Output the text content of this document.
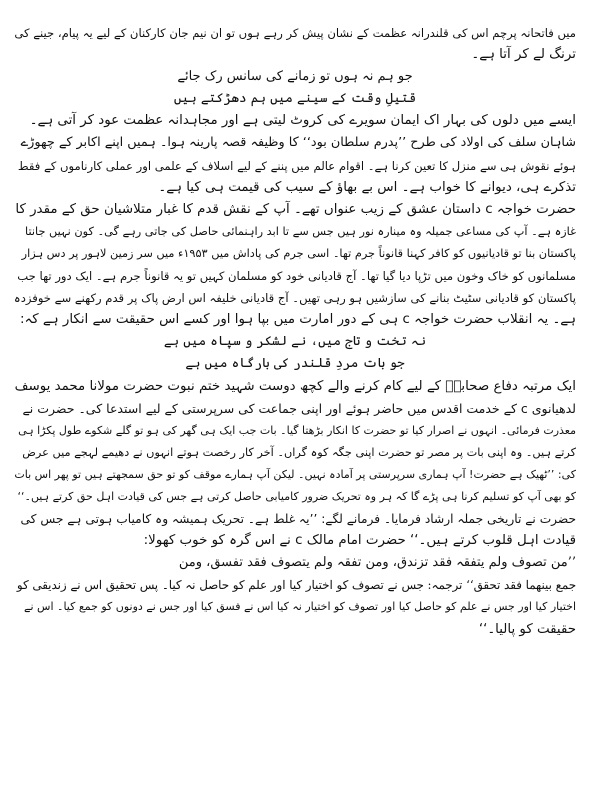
میں فاتحانہ پرچم اس کی قلندرانہ عظمت کے نشان پیش کر رہے ہوں تو ان نیم جان کارکنان کے لیے یہ پیام، جینے کی
ترنگ لے کر آتا ہے۔
جو ہم نہ ہوں تو زمانے کی سانس رک جائے
قتیلِ وقت کے سینے میں ہم دھڑکتے ہیں
ایسے میں دلوں کی بہار اک ایمان سویرے کی کروٹ لیتی ہے اور مجاہدانہ عظمت عود کر آتی ہے۔
شاہان سلف کی اولاد کی طرح ’’پدرم سلطان بود‘‘ کا وظیفہ قصہ پارینہ ہوا۔ ہمیں اپنے اکابر کے چھوڑے
ہوئے نقوش ہی سے منزل کا تعین کرنا ہے۔ اقوام عالم میں پننے کے لیے اسلاف کے علمی اور عملی کارناموں کے فقط
تذکرے ہی، دیوانے کا خواب ہے۔ اس بے بھاؤ کے سیب کی قیمت ہی کیا ہے۔
حضرت خواجہ c داستان عشق کے زیب عنواں تھے۔ آپ کے نقش قدم کا غبار متلاشیان حق کے مقدر کا
غازہ ہے۔ آپ کی مساعی جمیلہ وہ مینارہ نور ہیں جس سے تا ابد راہنمائی حاصل کی جاتی رہے گی۔ کون نہیں جانتا
پاکستان بنا تو قادیانیوں کو کافر کہنا قانوناً جرم تھا۔ اسی جرم کی پاداش میں ۱۹۵۳ء میں سر زمین لاہور پر دس ہزار
مسلمانوں کو خاک وخون میں تڑپا دیا گیا تھا۔ آج قادیانی خود کو مسلمان کہیں تو یہ قانوناً جرم ہے۔ ایک دور تھا جب
پاکستان کو قادیانی سٹیٹ بنانے کی سازشیں ہو رہی تھیں۔ آج قادیانی خلیفہ اس ارض پاک پر قدم رکھنے سے خوفزدہ
ہے۔ یہ انقلاب حضرت خواجہ c ہی کے دور امارت میں بپا ہوا اور کسے اس حقیقت سے انکار ہے کہ:
نہ تخت و تاج میں، نے لشکر و سپاہ میں ہے
جو بات مردِ قلندر کی بارگاہ میں ہے
ایک مرتبہ دفاع صحابہؓ کے لیے کام کرنے والے کچھ دوست شہید ختم نبوت حضرت مولانا محمد یوسف
لدھیانوی c کے خدمت اقدس میں حاضر ہوئے اور اپنی جماعت کی سرپرستی کے لیے استدعا کی۔ حضرت نے
معذرت فرمائی۔ انہوں نے اصرار کیا تو حضرت کا انکار بڑھتا گیا۔ بات جب ایک ہی گھر کی ہو تو گلے شکوے طول پکڑا ہی
کرتے ہیں۔ وہ اپنی بات پر مصر تو حضرت اپنی جگہ کوہ گراں۔ آخر کار رخصت ہوتے انہوں نے دھیمے لہجے میں عرض
کی: ’’ٹھیک ہے حضرت! آپ ہماری سرپرستی پر آمادہ نہیں۔ لیکن آپ ہمارے موقف کو تو حق سمجھتے ہیں تو پھر اس بات
کو بھی آپ کو تسلیم کرنا ہی پڑے گا کہ ہر وہ تحریک ضرور کامیابی حاصل کرتی ہے جس کی قیادت اہل حق کرتے ہیں۔‘‘
حضرت نے تاریخی جملہ ارشاد فرمایا۔ فرمانے لگے: ’’یہ غلط ہے۔ تحریک ہمیشہ وہ کامیاب ہوتی ہے جس کی
قیادت اہل قلوب کرتے ہیں۔‘‘ حضرت امام مالک c نے اس گرہ کو خوب کھولا:
’’من تصوف ولم یتفقہ فقد تزندق، ومن تفقہ ولم یتصوف فقد تفسق، ومن
جمع بینھما فقد تحقق‘‘ ترجمہ: جس نے تصوف کو اختیار کیا اور علم کو حاصل نہ کیا۔ پس تحقیق اس نے زندیقی کو
اختیار کیا اور جس نے علم کو حاصل کیا اور تصوف کو اختیار نہ کیا اس نے فسق کیا اور جس نے دونوں کو جمع کیا۔ اس نے
حقیقت کو پالیا۔‘‘
